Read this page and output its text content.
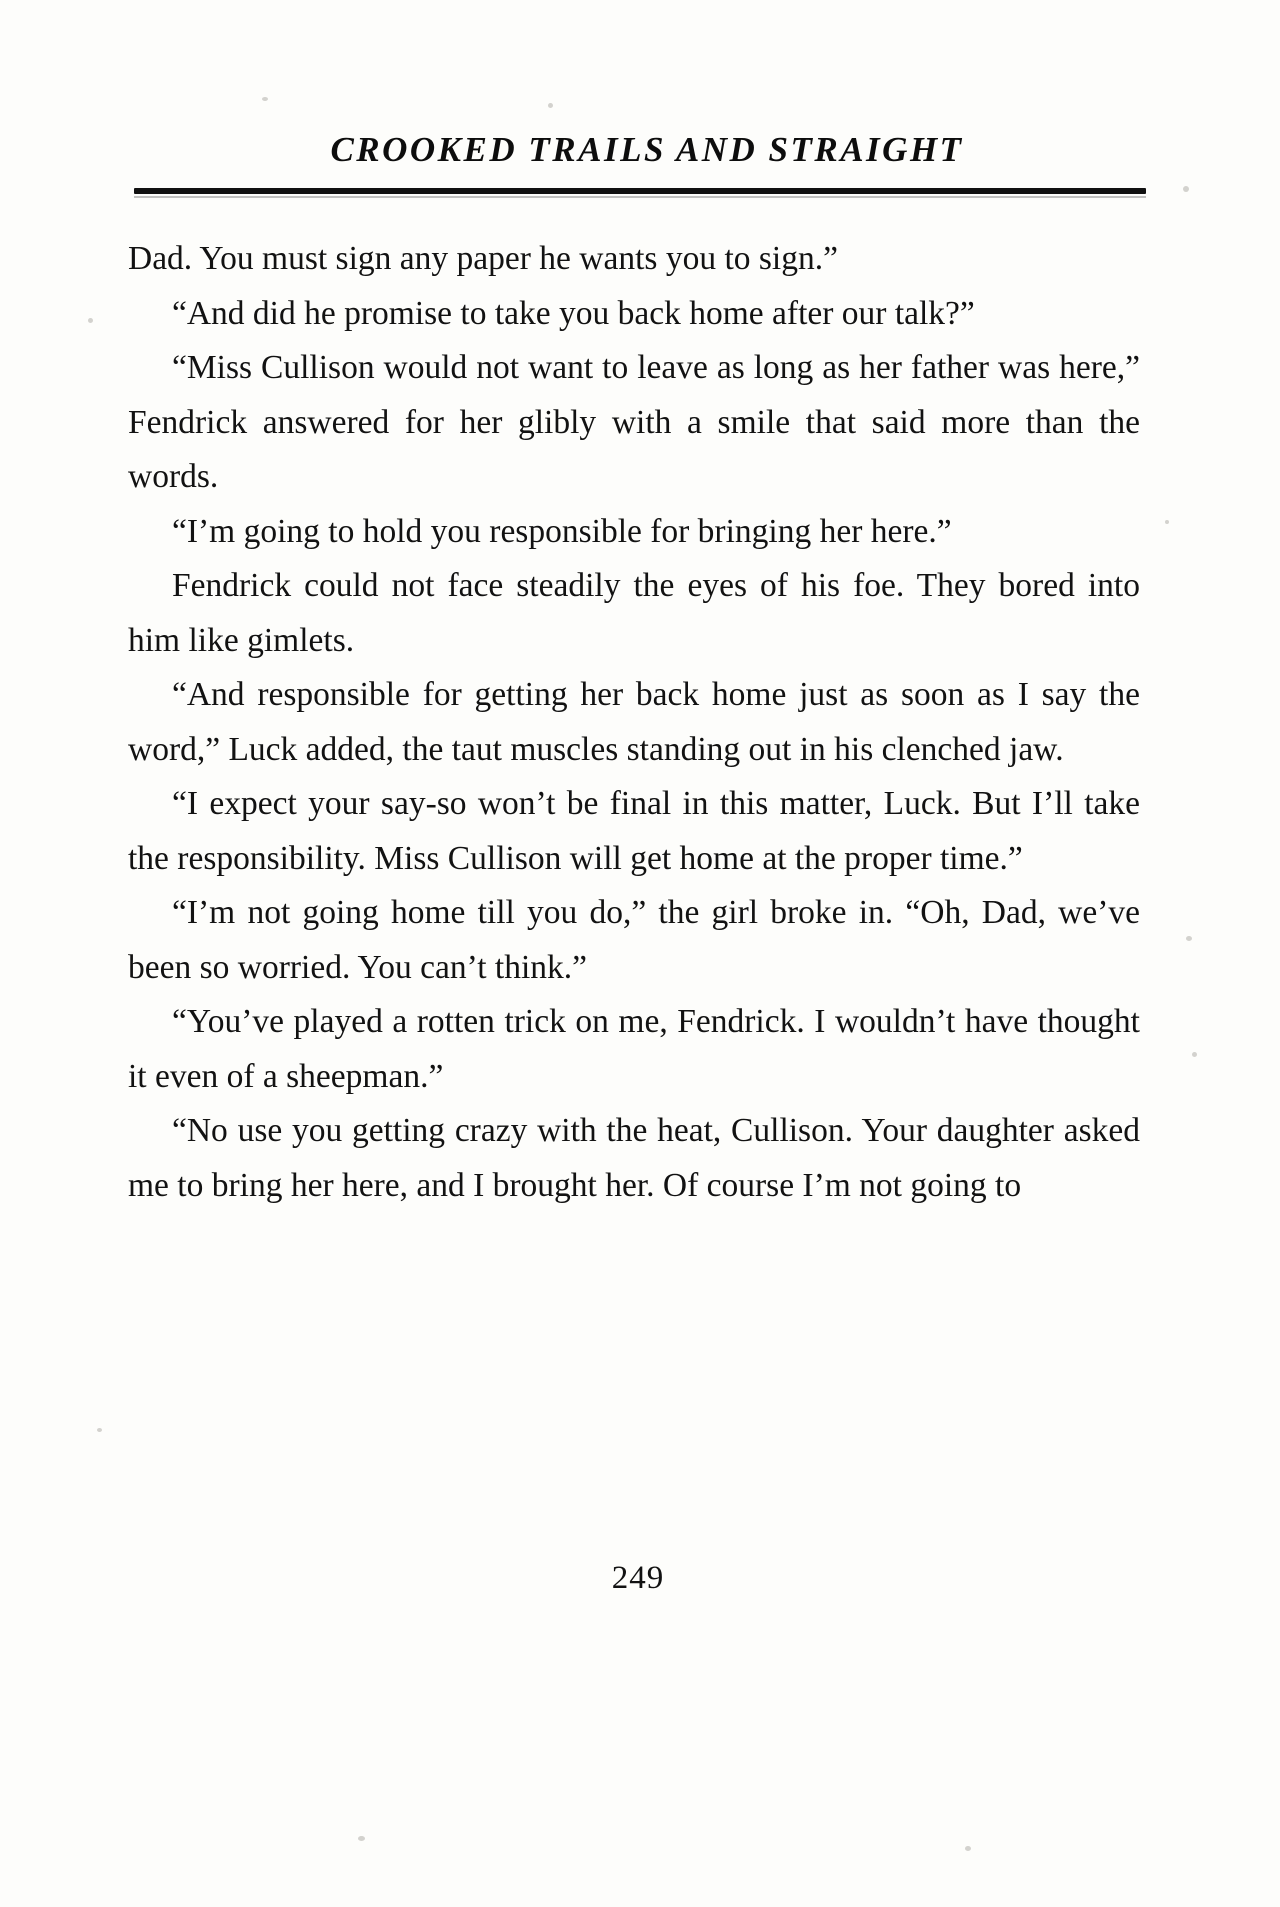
CROOKED TRAILS AND STRAIGHT

Dad. You must sign any paper he wants you to sign.”

“And did he promise to take you back home after our talk?”

“Miss Cullison would not want to leave as long as her father was here,” Fendrick answered for her glibly with a smile that said more than the words.

“I’m going to hold you responsible for bringing her here.”

Fendrick could not face steadily the eyes of his foe. They bored into him like gimlets.

“And responsible for getting her back home just as soon as I say the word,” Luck added, the taut muscles standing out in his clenched jaw.

“I expect your say-so won’t be final in this matter, Luck. But I’ll take the responsibility. Miss Cullison will get home at the proper time.”

“I’m not going home till you do,” the girl broke in. “Oh, Dad, we’ve been so worried. You can’t think.”

“You’ve played a rotten trick on me, Fendrick. I wouldn’t have thought it even of a sheepman.”

“No use you getting crazy with the heat, Cullison. Your daughter asked me to bring her here, and I brought her. Of course I’m not going to

249
